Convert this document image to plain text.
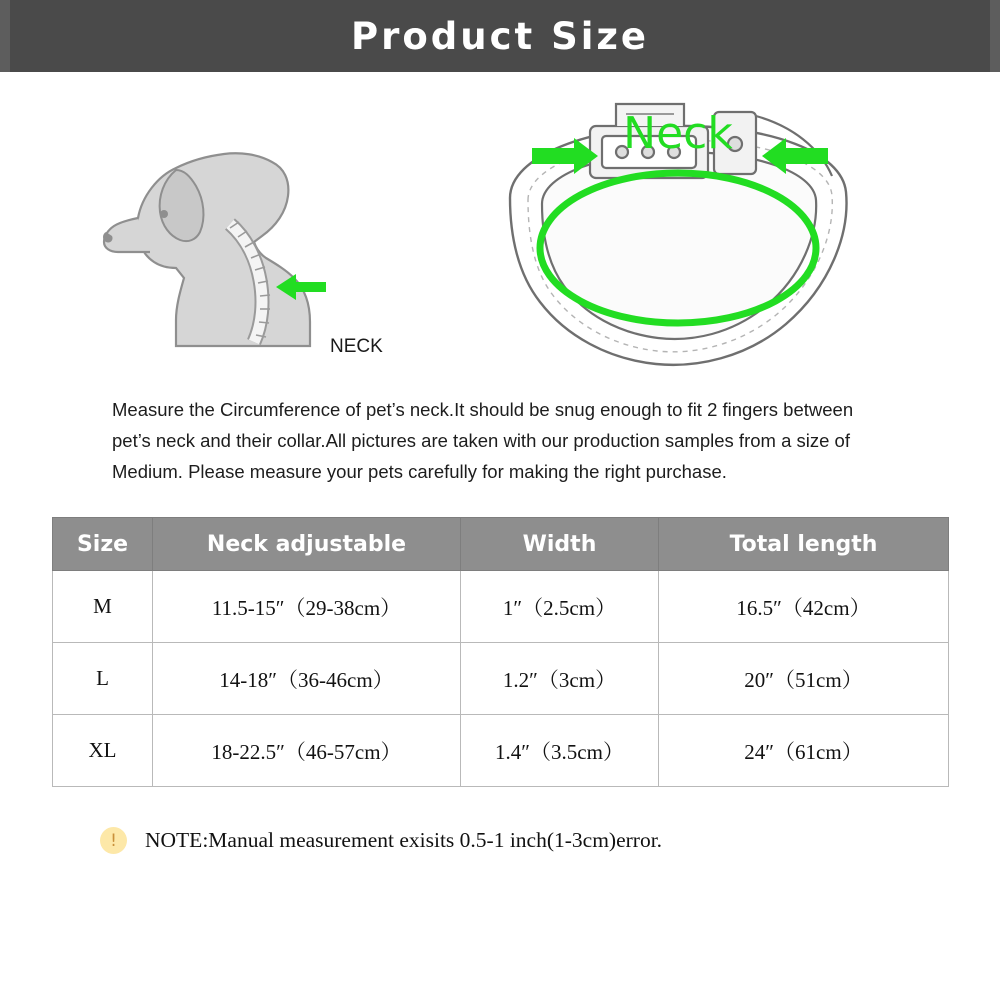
Product Size
NECK
Neck
Measure the Circumference of pet’s neck.It should be snug enough to fit 2 fingers between pet’s neck and their collar.All pictures are taken with our production samples from a size of Medium. Please measure your pets carefully for making the right purchase.
Size	Neck adjustable	Width	Total length
M	11.5-15″（29-38cm）	1″（2.5cm）	16.5″（42cm）
L	14-18″（36-46cm）	1.2″（3cm）	20″（51cm）
XL	18-22.5″（46-57cm）	1.4″（3.5cm）	24″（61cm）
!	NOTE:Manual measurement exisits 0.5-1 inch(1-3cm)error.
